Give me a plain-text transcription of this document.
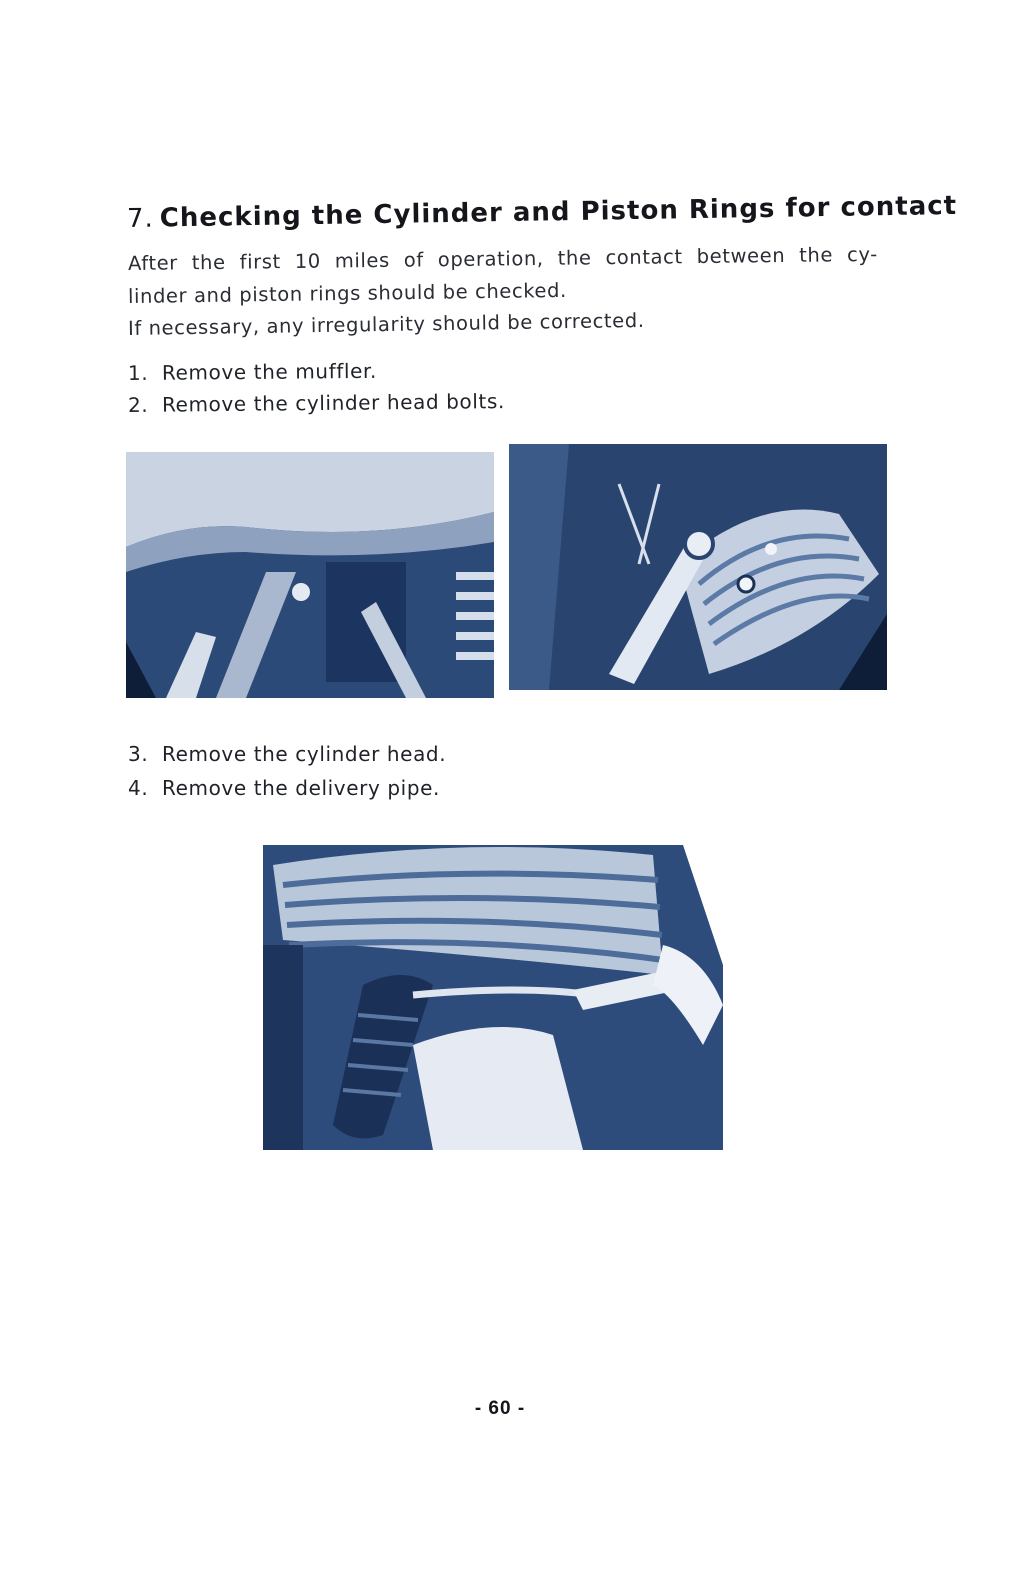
7. Checking the Cylinder and Piston Rings for contact
After the first 10 miles of operation, the contact between the cy-
linder and piston rings should be checked.
If necessary, any irregularity should be corrected.
1. Remove the muffler.
2. Remove the cylinder head bolts.
3. Remove the cylinder head.
4. Remove the delivery pipe.
- 60 -
